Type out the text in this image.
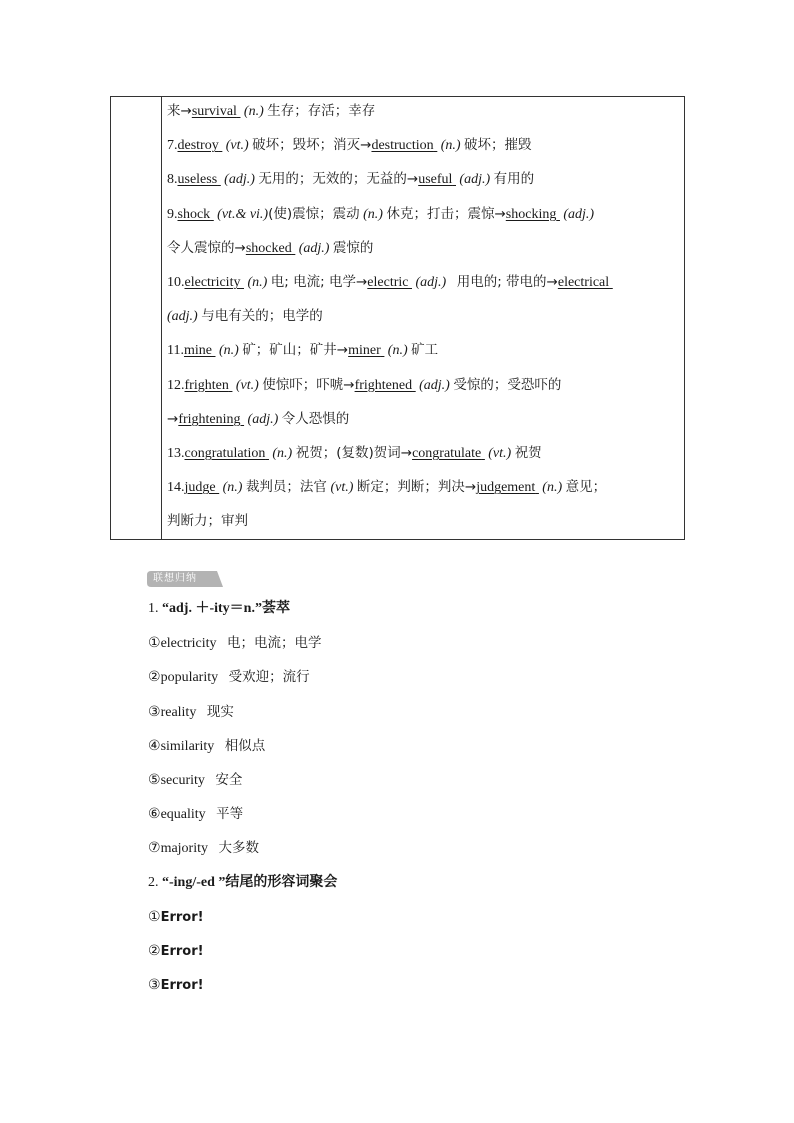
来→survival (n.) 生存；存活；幸存
7.destroy (vt.) 破坏；毁坏；消灭→destruction (n.) 破坏；摧毁
8.useless (adj.) 无用的；无效的；无益的→useful (adj.) 有用的
9.shock (vt.& vi.)(使)震惊；震动 (n.) 休克；打击；震惊→shocking (adj.)
令人震惊的→shocked (adj.) 震惊的
10.electricity (n.) 电; 电流; 电学→electric (adj.) 用电的; 带电的→electrical
(adj.) 与电有关的；电学的
11.mine (n.) 矿；矿山；矿井→miner (n.) 矿工
12.frighten (vt.) 使惊吓；吓唬→frightened (adj.) 受惊的；受恐吓的
→frightening (adj.) 令人恐惧的
13.congratulation (n.) 祝贺；(复数)贺词→congratulate (vt.) 祝贺
14.judge (n.) 裁判员；法官 (vt.) 断定；判断；判决→judgement (n.) 意见；
判断力；审判
联想归纳
1. “adj. ＋-ity＝n.”荟萃
①electricity 电；电流；电学
②popularity 受欢迎；流行
③reality 现实
④similarity 相似点
⑤security 安全
⑥equality 平等
⑦majority 大多数
2. “-ing/-ed ”结尾的形容词聚会
①Error!
②Error!
③Error!
